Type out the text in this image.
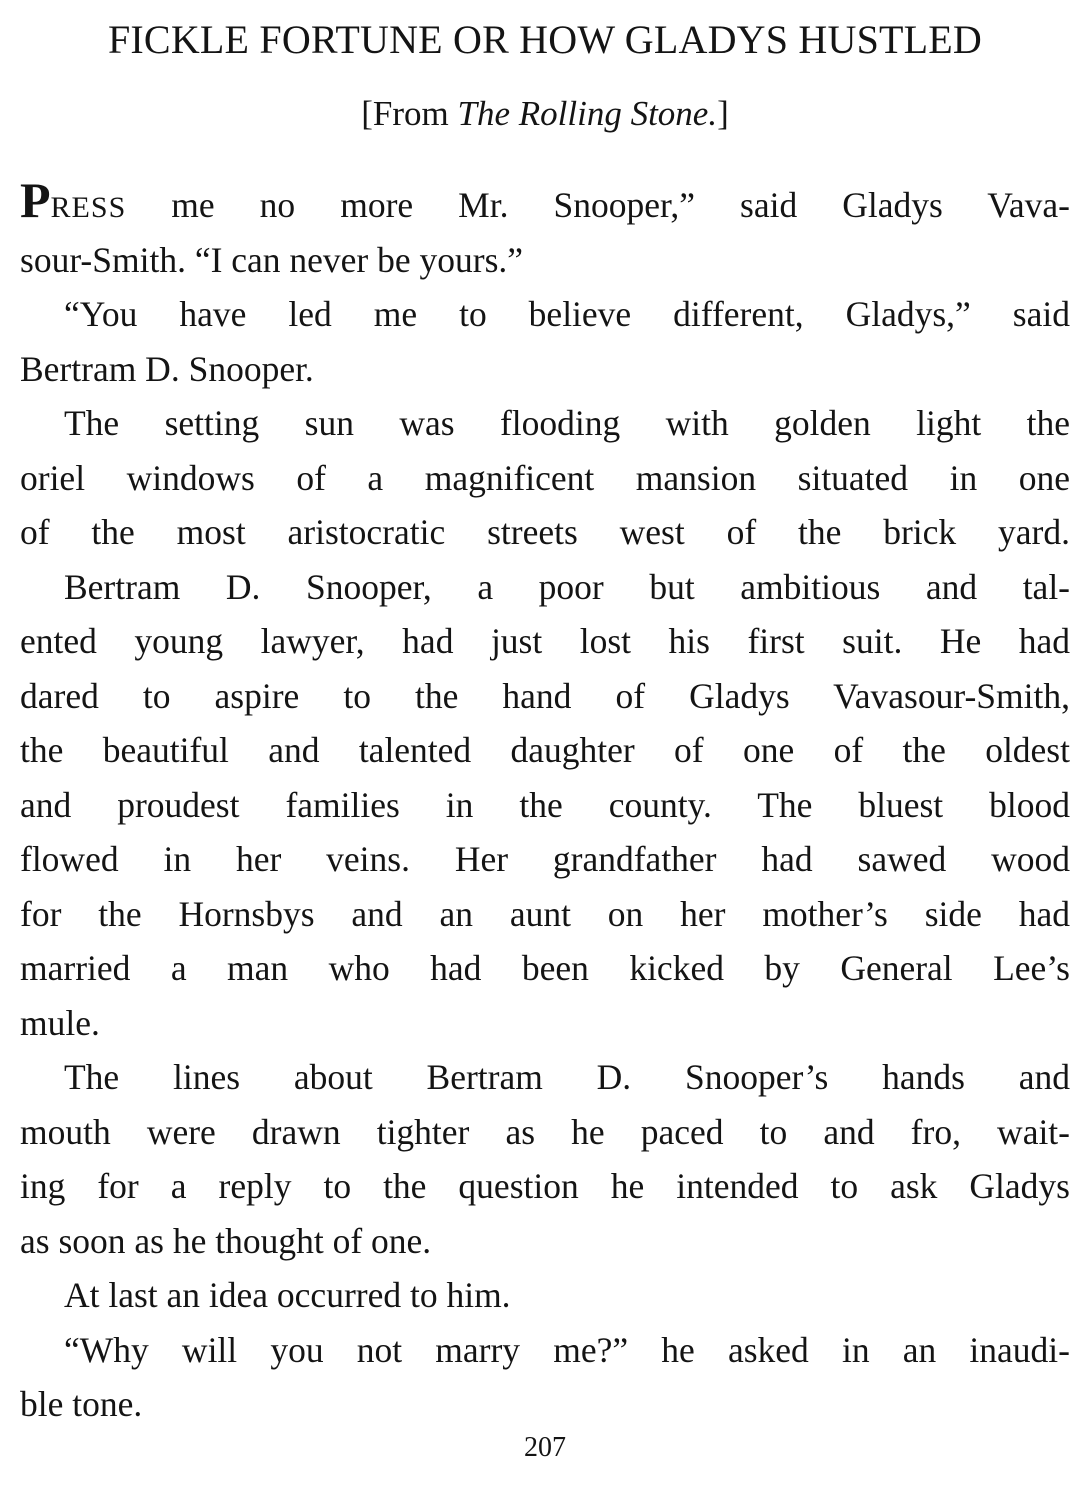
FICKLE FORTUNE OR HOW GLADYS HUSTLED
[From The Rolling Stone.]
PRESS me no more Mr. Snooper,” said Gladys Vava-
sour-Smith. “I can never be yours.”
“You have led me to believe different, Gladys,” said
Bertram D. Snooper.
The setting sun was flooding with golden light the
oriel windows of a magnificent mansion situated in one
of the most aristocratic streets west of the brick yard.
Bertram D. Snooper, a poor but ambitious and tal-
ented young lawyer, had just lost his first suit. He had
dared to aspire to the hand of Gladys Vavasour-Smith,
the beautiful and talented daughter of one of the oldest
and proudest families in the county. The bluest blood
flowed in her veins. Her grandfather had sawed wood
for the Hornsbys and an aunt on her mother’s side had
married a man who had been kicked by General Lee’s
mule.
The lines about Bertram D. Snooper’s hands and
mouth were drawn tighter as he paced to and fro, wait-
ing for a reply to the question he intended to ask Gladys
as soon as he thought of one.
At last an idea occurred to him.
“Why will you not marry me?” he asked in an inaudi-
ble tone.
207
